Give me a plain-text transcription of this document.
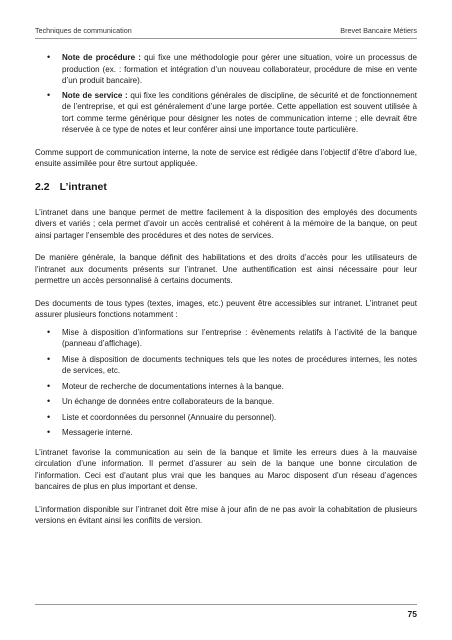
Techniques de communication	Brevet Bancaire Métiers
• Note de procédure : qui fixe une méthodologie pour gérer une situation, voire un processus de production (ex. : formation et intégration d’un nouveau collaborateur, procédure de mise en vente d’un produit bancaire).
• Note de service : qui fixe les conditions générales de discipline, de sécurité et de fonctionnement de l’entreprise, et qui est généralement d’une large portée. Cette appellation est souvent utilisée à tort comme terme générique pour désigner les notes de communication interne ; elle devrait être réservée à ce type de notes et leur conférer ainsi une importance toute particulière.

Comme support de communication interne, la note de service est rédigée dans l’objectif d’être d’abord lue, ensuite assimilée pour être surtout appliquée.

2.2 L’intranet

L’intranet dans une banque permet de mettre facilement à la disposition des employés des documents divers et variés ; cela permet d’avoir un accès centralisé et cohérent à la mémoire de la banque, on peut ainsi partager l’ensemble des procédures et des notes de services.

De manière générale, la banque définit des habilitations et des droits d’accès pour les utilisateurs de l’intranet aux documents présents sur l’intranet. Une authentification est ainsi nécessaire pour leur permettre un accès personnalisé à certains documents.

Des documents de tous types (textes, images, etc.) peuvent être accessibles sur intranet. L’intranet peut assurer plusieurs fonctions notamment :

• Mise à disposition d’informations sur l’entreprise : évènements relatifs à l’activité de la banque (panneau d’affichage).
• Mise à disposition de documents techniques tels que les notes de procédures internes, les notes de services, etc.
• Moteur de recherche de documentations internes à la banque.
• Un échange de données entre collaborateurs de la banque.
• Liste et coordonnées du personnel (Annuaire du personnel).
• Messagerie interne.

L’intranet favorise la communication au sein de la banque et limite les erreurs dues à la mauvaise circulation d’une information. Il permet d’assurer au sein de la banque une bonne circulation de l’information. Ceci est d’autant plus vrai que les banques au Maroc disposent d’un réseau d’agences bancaires de plus en plus important et dense.

L’information disponible sur l’intranet doit être mise à jour afin de ne pas avoir la cohabitation de plusieurs versions en évitant ainsi les conflits de version.

75
